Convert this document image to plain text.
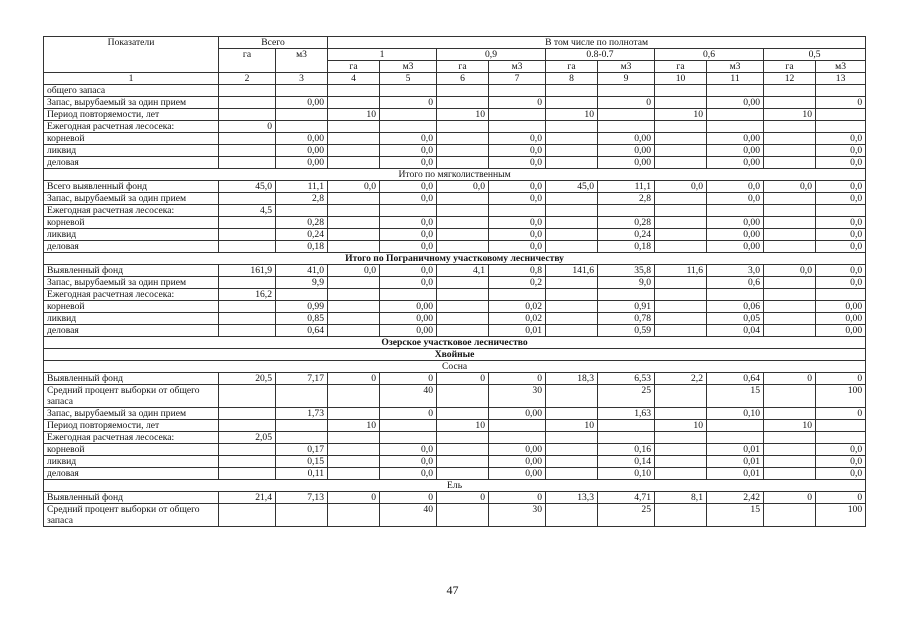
Показатели	Всего		В том числе по полнотам									
	га	м3	1		0,9		0.8-0.7		0,6		0,5	
			га	м3	га	м3	га	м3	га	м3	га	м3
1	2	3	4	5	6	7	8	9	10	11	12	13
общего запаса												
Запас, вырубаемый за один прием		0,00		0		0		0		0,00		0
Период повторяемости, лет			10		10		10		10		10	
Ежегодная расчетная лесосека:	0											
корневой		0,00		0,0		0,0		0,00		0,00		0,0
ликвид		0,00		0,0		0,0		0,00		0,00		0,0
деловая		0,00		0,0		0,0		0,00		0,00		0,0
Итого по мягколиственным												
Всего выявленный фонд	45,0	11,1	0,0	0,0	0,0	0,0	45,0	11,1	0,0	0,0	0,0	0,0
Запас, вырубаемый за один прием		2,8		0,0		0,0		2,8		0,0		0,0
Ежегодная расчетная лесосека:	4,5											
корневой		0,28		0,0		0,0		0,28		0,00		0,0
ликвид		0,24		0,0		0,0		0,24		0,00		0,0
деловая		0,18		0,0		0,0		0,18		0,00		0,0
Итого по Пограничному участковому лесничеству												
Выявленный фонд	161,9	41,0	0,0	0,0	4,1	0,8	141,6	35,8	11,6	3,0	0,0	0,0
Запас, вырубаемый за один прием		9,9		0,0		0,2		9,0		0,6		0,0
Ежегодная расчетная лесосека:	16,2											
корневой		0,99		0,00		0,02		0,91		0,06		0,00
ликвид		0,85		0,00		0,02		0,78		0,05		0,00
деловая		0,64		0,00		0,01		0,59		0,04		0,00
Озерское участковое лесничество												
Хвойные												
Сосна												
Выявленный фонд	20,5	7,17	0	0	0	0	18,3	6,53	2,2	0,64	0	0
Средний процент выборки от общего запаса				40		30		25		15		100
Запас, вырубаемый за один прием		1,73		0		0,00		1,63		0,10		0
Период повторяемости, лет			10		10		10		10		10	
Ежегодная расчетная лесосека:	2,05											
корневой		0,17		0,0		0,00		0,16		0,01		0,0
ликвид		0,15		0,0		0,00		0,14		0,01		0,0
деловая		0,11		0,0		0,00		0,10		0,01		0,0
Ель												
Выявленный фонд	21,4	7,13	0	0	0	0	13,3	4,71	8,1	2,42	0	0
Средний процент выборки от общего запаса				40		30		25		15		100
47
